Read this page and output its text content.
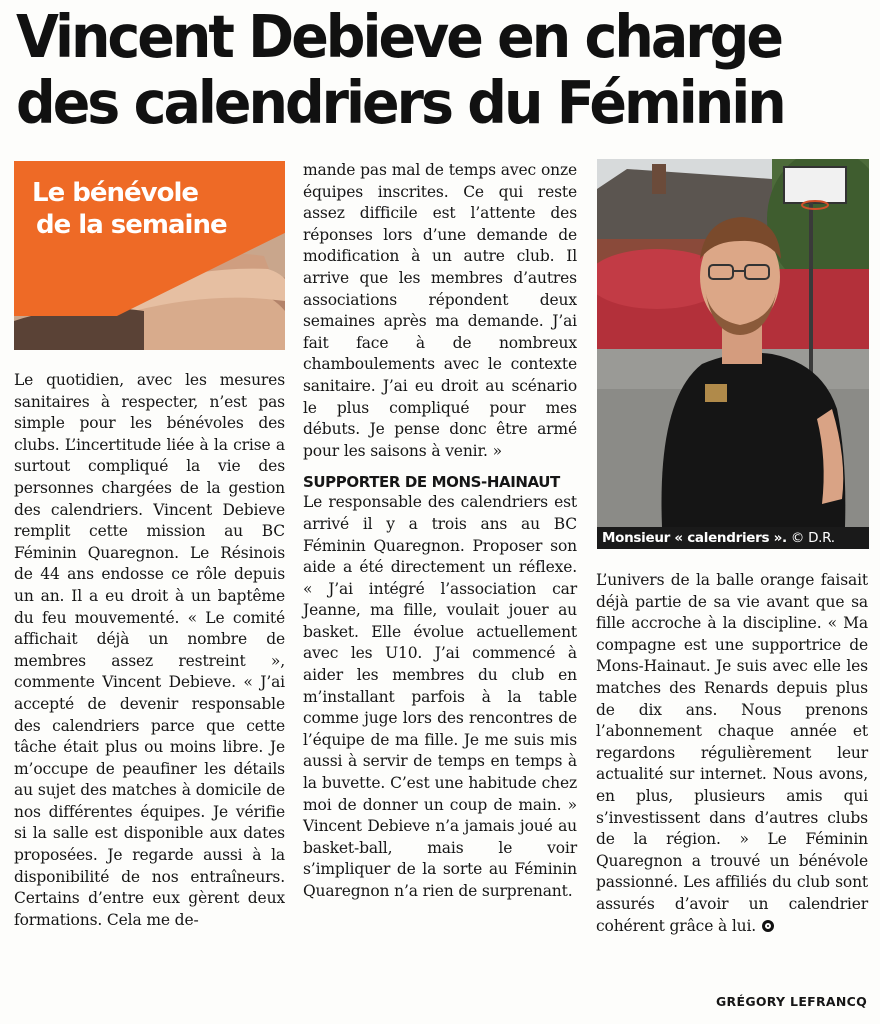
Vincent Debieve en charge des calendriers du Féminin
Le bénévole
de la semaine

Le quotidien, avec les mesures sanitaires à respecter, n’est pas simple pour les bénévoles des clubs. L’incertitude liée à la crise a surtout compliqué la vie des personnes chargées de la gestion des calendriers. Vincent Debieve remplit cette mission au BC Féminin Quaregnon. Le Résinois de 44 ans endosse ce rôle depuis un an. Il a eu droit à un baptême du feu mouvementé. « Le comité affichait déjà un nombre de membres assez restreint », commente Vincent Debieve. « J’ai accepté de devenir responsable des calendriers parce que cette tâche était plus ou moins libre. Je m’occupe de peaufiner les détails au sujet des matches à domicile de nos différentes équipes. Je vérifie si la salle est disponible aux dates proposées. Je regarde aussi à la disponibilité de nos entraîneurs. Certains d’entre eux gèrent deux formations. Cela me de-

mande pas mal de temps avec onze équipes inscrites. Ce qui reste assez difficile est l’attente des réponses lors d’une demande de modification à un autre club. Il arrive que les membres d’autres associations répondent deux semaines après ma demande. J’ai fait face à de nombreux chamboulements avec le contexte sanitaire. J’ai eu droit au scénario le plus compliqué pour mes débuts. Je pense donc être armé pour les saisons à venir. »

SUPPORTER DE MONS-HAINAUT

Le responsable des calendriers est arrivé il y a trois ans au BC Féminin Quaregnon. Proposer son aide a été directement un réflexe. « J’ai intégré l’association car Jeanne, ma fille, voulait jouer au basket. Elle évolue actuellement avec les U10. J’ai commencé à aider les membres du club en m’installant parfois à la table comme juge lors des rencontres de l’équipe de ma fille. Je me suis mis aussi à servir de temps en temps à la buvette. C’est une habitude chez moi de donner un coup de main. » Vincent Debieve n’a jamais joué au basket-ball, mais le voir s’impliquer de la sorte au Féminin Quaregnon n’a rien de surprenant.

Monsieur « calendriers ». © D.R.

L’univers de la balle orange faisait déjà partie de sa vie avant que sa fille accroche à la discipline. « Ma compagne est une supportrice de Mons-Hainaut. Je suis avec elle les matches des Renards depuis plus de dix ans. Nous prenons l’abonnement chaque année et regardons régulièrement leur actualité sur internet. Nous avons, en plus, plusieurs amis qui s’investissent dans d’autres clubs de la région. » Le Féminin Quaregnon a trouvé un bénévole passionné. Les affiliés du club sont assurés d’avoir un calendrier cohérent grâce à lui.

GRÉGORY LEFRANCQ
